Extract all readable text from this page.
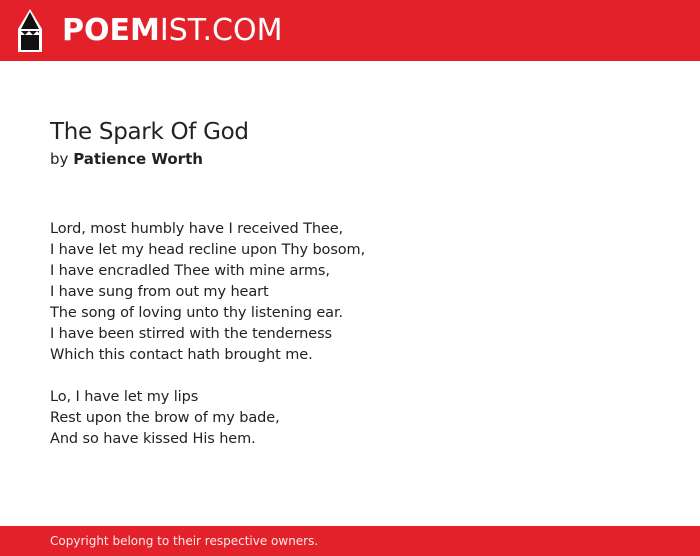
POEMIST.COM
The Spark Of God
by Patience Worth
Lord, most humbly have I received Thee,
I have let my head recline upon Thy bosom,
I have encradled Thee with mine arms,
I have sung from out my heart
The song of loving unto thy listening ear.
I have been stirred with the tenderness
Which this contact hath brought me.
Lo, I have let my lips
Rest upon the brow of my bade,
And so have kissed His hem.
Copyright belong to their respective owners.
